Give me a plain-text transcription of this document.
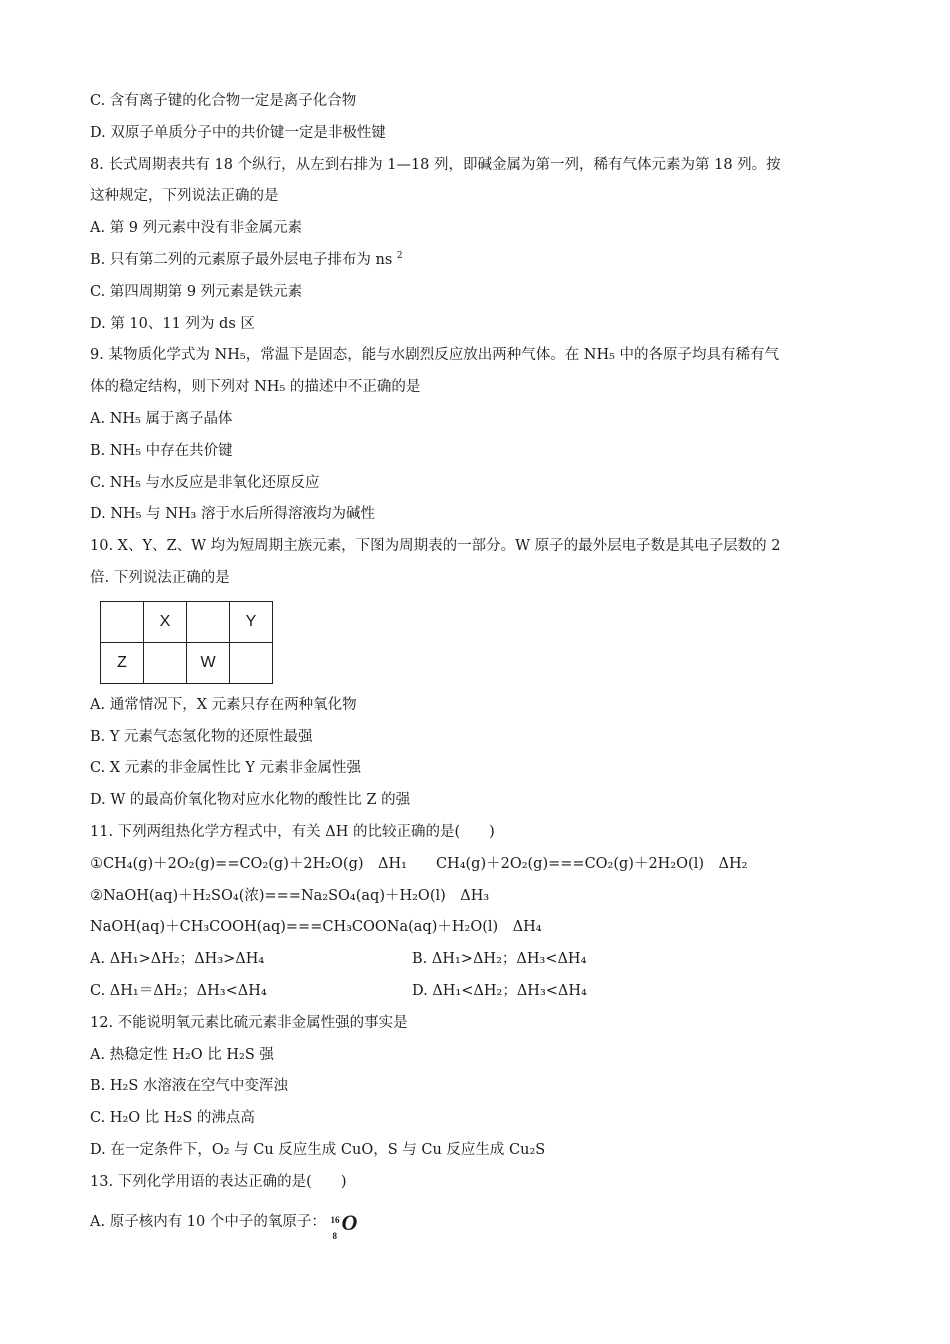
C. 含有离子键的化合物一定是离子化合物
D. 双原子单质分子中的共价键一定是非极性键
8. 长式周期表共有 18 个纵行，从左到右排为 1—18 列，即碱金属为第一列，稀有气体元素为第 18 列。按
这种规定，下列说法正确的是
A. 第 9 列元素中没有非金属元素
B. 只有第二列的元素原子最外层电子排布为 ns $^2$
C. 第四周期第 9 列元素是铁元素
D. 第 10、11 列为 ds 区
9. 某物质化学式为 NH₅，常温下是固态，能与水剧烈反应放出两种气体。在 NH₅ 中的各原子均具有稀有气
体的稳定结构，则下列对 NH₅ 的描述中不正确的是
A. NH₅ 属于离子晶体
B. NH₅ 中存在共价键
C. NH₅ 与水反应是非氧化还原反应
D. NH₅ 与 NH₃ 溶于水后所得溶液均为碱性
10. X、Y、Z、W 均为短周期主族元素，下图为周期表的一部分。W 原子的最外层电子数是其电子层数的 2
倍. 下列说法正确的是
	X		Y
Z		W	
A. 通常情况下，X 元素只存在两种氧化物
B. Y 元素气态氢化物的还原性最强
C. X 元素的非金属性比 Y 元素非金属性强
D. W 的最高价氧化物对应水化物的酸性比 Z 的强
11. 下列两组热化学方程式中，有关 ΔH 的比较正确的是(　　)
①CH₄(g)＋2O₂(g)==CO₂(g)＋2H₂O(g)　ΔH₁　　CH₄(g)＋2O₂(g)===CO₂(g)＋2H₂O(l)　ΔH₂
②NaOH(aq)＋H₂SO₄(浓)===Na₂SO₄(aq)＋H₂O(l)　ΔH₃
NaOH(aq)＋CH₃COOH(aq)===CH₃COONa(aq)＋H₂O(l)　ΔH₄
A. ΔH₁>ΔH₂；ΔH₃>ΔH₄	B. ΔH₁>ΔH₂；ΔH₃<ΔH₄
C. ΔH₁＝ΔH₂；ΔH₃<ΔH₄	D. ΔH₁<ΔH₂；ΔH₃<ΔH₄
12. 不能说明氧元素比硫元素非金属性强的事实是
A. 热稳定性 H₂O 比 H₂S 强
B. H₂S 水溶液在空气中变浑浊
C. H₂O 比 H₂S 的沸点高
D. 在一定条件下，O₂ 与 Cu 反应生成 CuO，S 与 Cu 反应生成 Cu₂S
13. 下列化学用语的表达正确的是(　　)
A. 原子核内有 10 个中子的氧原子： 16
8
O
